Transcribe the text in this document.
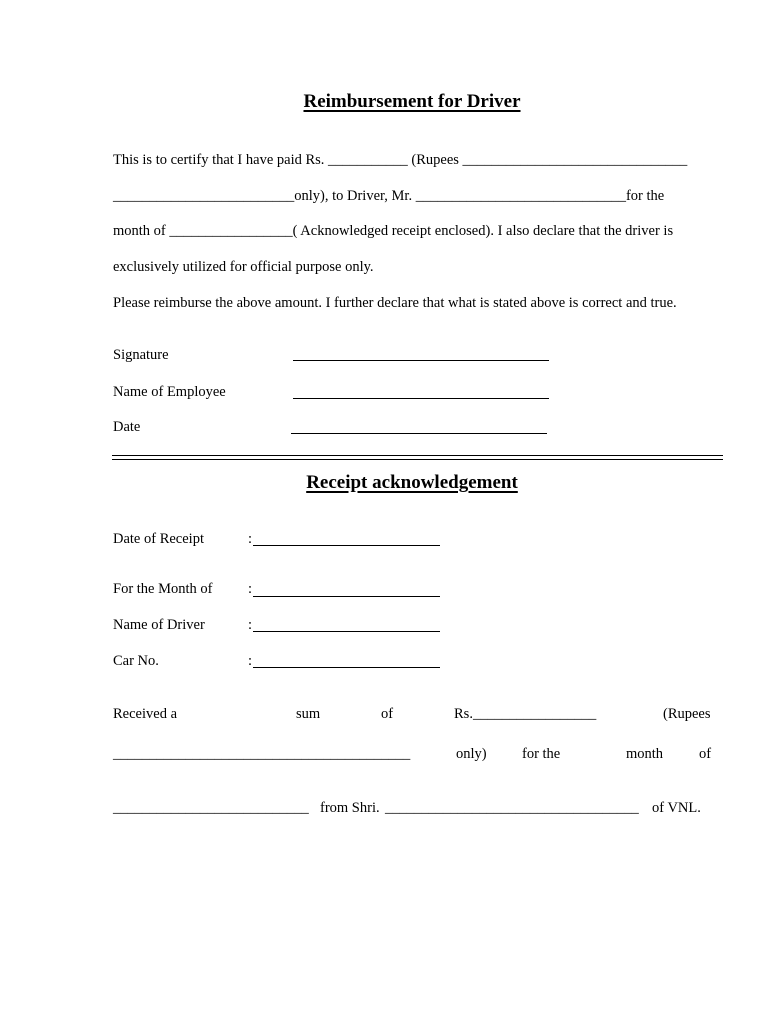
Reimbursement for Driver
This is to certify that I have paid Rs. ___________ (Rupees _______________________________
_________________________only), to Driver, Mr. _____________________________for the
month of _________________( Acknowledged receipt enclosed). I also declare that the driver is
exclusively utilized for official purpose only.
Please reimburse the above amount. I further declare that what is stated above is correct and true.
Signature
Name of Employee
Date
Receipt acknowledgement
Date of Receipt	:
For the Month of :
Name of Driver	:
Car No.	:
Received a	sum	of	Rs._________________	(Rupees
_________________________________________	only) for the	month of
___________________________ from Shri. ___________________________________ of VNL.
